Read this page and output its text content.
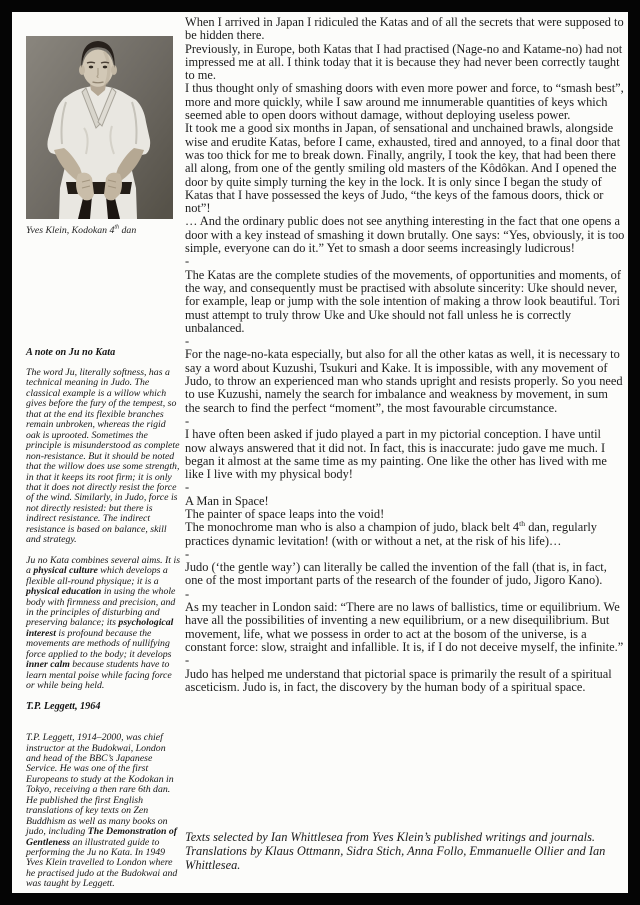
Yves Klein, Kodokan 4th dan
A note on Ju no Kata

The word Ju, literally softness, has a technical meaning in Judo. The classical example is a willow which gives before the fury of the tempest, so that at the end its flexible branches remain unbroken, whereas the rigid oak is uprooted. Sometimes the principle is misunderstood as complete non-resistance. But it should be noted that the willow does use some strength, in that it keeps its root firm; it is only that it does not directly resist the force of the wind. Similarly, in Judo, force is not directly resisted: but there is indirect resistance. The indirect resistance is based on balance, skill and strategy.

Ju no Kata combines several aims. It is a physical culture which develops a flexible all-round physique; it is a physical education in using the whole body with firmness and precision, and in the principles of disturbing and preserving balance; its psychological interest is profound because the movements are methods of nullifying force applied to the body; it develops inner calm because students have to learn mental poise while facing force or while being held.

T.P. Leggett, 1964

T.P. Leggett, 1914–2000, was chief instructor at the Budokwai, London and head of the BBC’s Japanese Service. He was one of the first Europeans to study at the Kodokan in Tokyo, receiving a then rare 6th dan. He published the first English translations of key texts on Zen Buddhism as well as many books on judo, including The Demonstration of Gentleness an illustrated guide to performing the Ju no Kata. In 1949 Yves Klein travelled to London where he practised judo at the Budokwai and was taught by Leggett.

When I arrived in Japan I ridiculed the Katas and of all the secrets that were supposed to be hidden there.

Previously, in Europe, both Katas that I had practised (Nage-no and Katame-no) had not impressed me at all. I think today that it is because they had never been correctly taught to me.

I thus thought only of smashing doors with even more power and force, to “smash best”, more and more quickly, while I saw around me innumerable quantities of keys which seemed able to open doors without damage, without deploying useless power.

It took me a good six months in Japan, of sensational and unchained brawls, alongside wise and erudite Katas, before I came, exhausted, tired and annoyed, to a final door that was too thick for me to break down. Finally, angrily, I took the key, that had been there all along, from one of the gently smiling old masters of the Kôdôkan. And I opened the door by quite simply turning the key in the lock. It is only since I began the study of Katas that I have possessed the keys of Judo, “the keys of the famous doors, thick or not”!

… And the ordinary public does not see anything interesting in the fact that one opens a door with a key instead of smashing it down brutally. One says: “Yes, obviously, it is too simple, everyone can do it.” Yet to smash a door seems increasingly ludicrous!

-

The Katas are the complete studies of the movements, of opportunities and moments, of the way, and consequently must be practised with absolute sincerity: Uke should never, for example, leap or jump with the sole intention of making a throw look beautiful. Tori must attempt to truly throw Uke and Uke should not fall unless he is correctly unbalanced.

-

For the nage-no-kata especially, but also for all the other katas as well, it is necessary to say a word about Kuzushi, Tsukuri and Kake. It is impossible, with any movement of Judo, to throw an experienced man who stands upright and resists properly. So you need to use Kuzushi, namely the search for imbalance and weakness by movement, in sum the search to find the perfect “moment”, the most favourable circumstance.

-

I have often been asked if judo played a part in my pictorial conception. I have until now always answered that it did not. In fact, this is inaccurate: judo gave me much. I began it almost at the same time as my painting. One like the other has lived with me like I live with my physical body!

-

A Man in Space!

The painter of space leaps into the void!

The monochrome man who is also a champion of judo, black belt 4th dan, regularly practices dynamic levitation! (with or without a net, at the risk of his life)…

-

Judo (‘the gentle way’) can literally be called the invention of the fall (that is, in fact, one of the most important parts of the research of the founder of judo, Jigoro Kano).

-

As my teacher in London said: “There are no laws of ballistics, time or equilibrium. We have all the possibilities of inventing a new equilibrium, or a new disequilibrium. But movement, life, what we possess in order to act at the bosom of the universe, is a constant force: slow, straight and infallible. It is, if I do not deceive myself, the infinite.”

-

Judo has helped me understand that pictorial space is primarily the result of a spiritual asceticism. Judo is, in fact, the discovery by the human body of a spiritual space.

Texts selected by Ian Whittlesea from Yves Klein’s published writings and journals.

Translations by Klaus Ottmann, Sidra Stich, Anna Follo, Emmanuelle Ollier and Ian Whittlesea.
